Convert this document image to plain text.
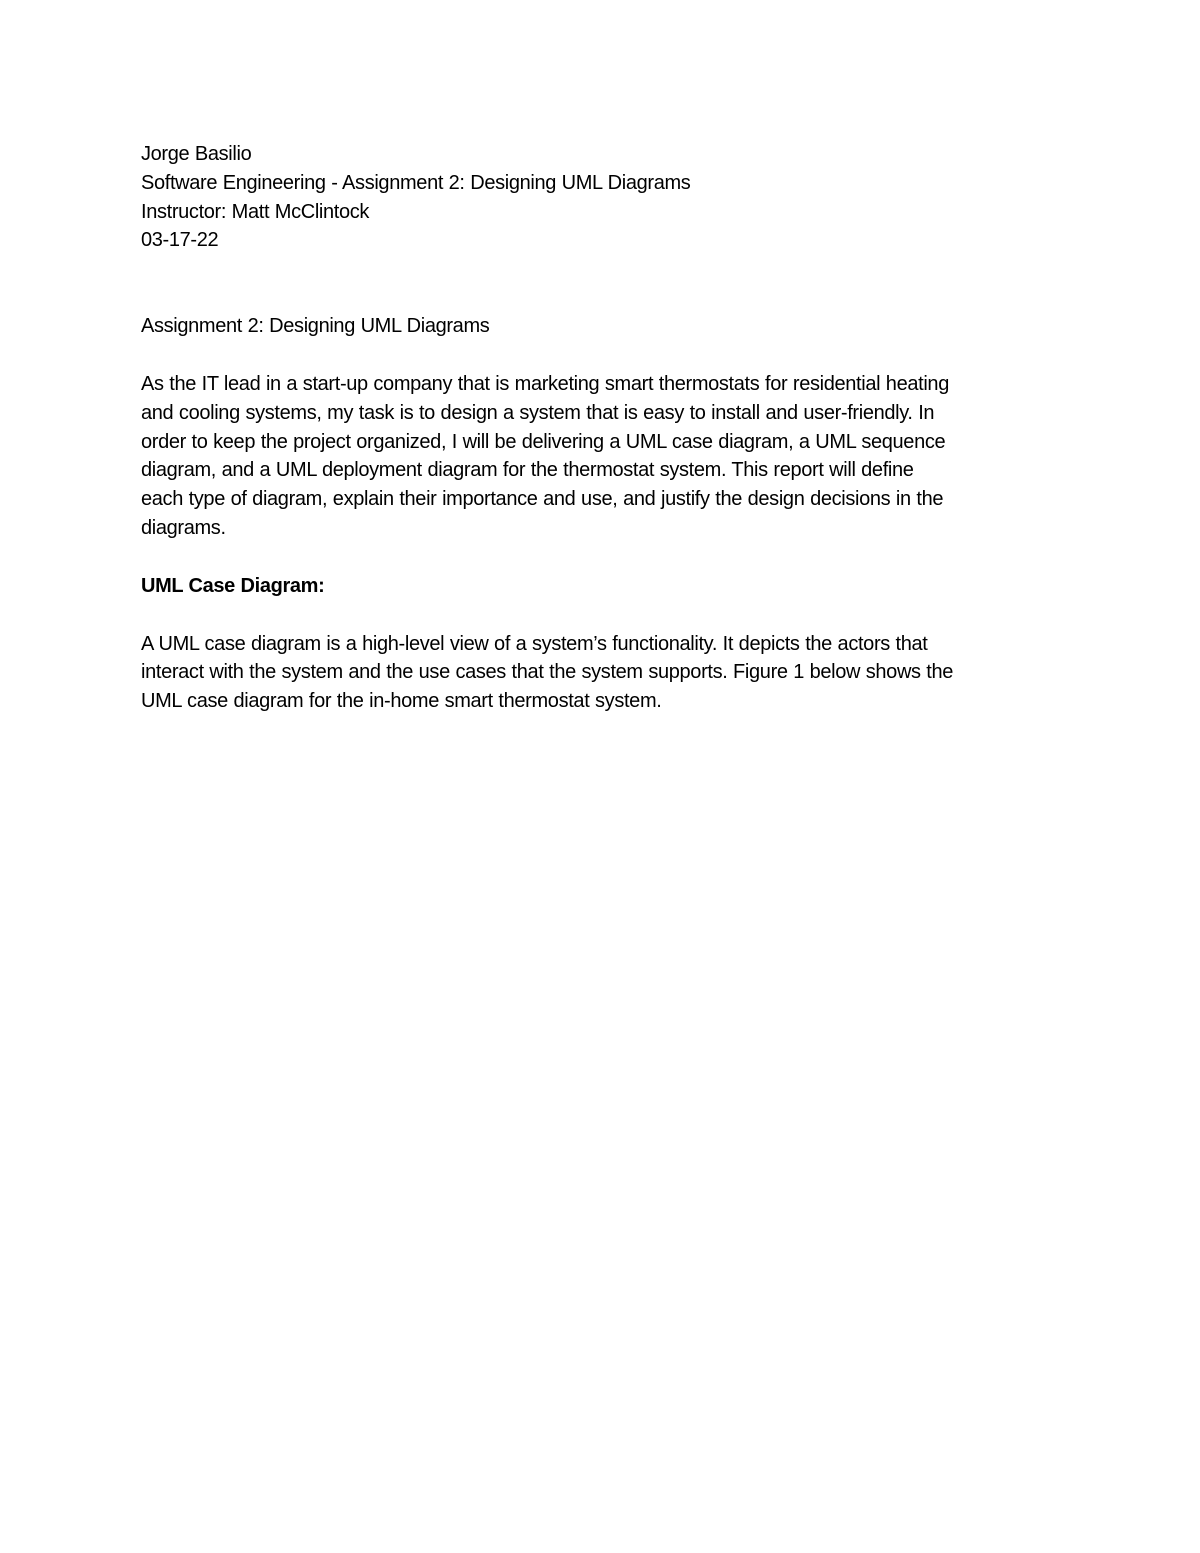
Jorge Basilio
Software Engineering - Assignment 2: Designing UML Diagrams
Instructor: Matt McClintock
03-17-22

Assignment 2: Designing UML Diagrams

As the IT lead in a start-up company that is marketing smart thermostats for residential heating
and cooling systems, my task is to design a system that is easy to install and user-friendly. In
order to keep the project organized, I will be delivering a UML case diagram, a UML sequence
diagram, and a UML deployment diagram for the thermostat system. This report will define
each type of diagram, explain their importance and use, and justify the design decisions in the
diagrams.

UML Case Diagram:

A UML case diagram is a high-level view of a system’s functionality. It depicts the actors that
interact with the system and the use cases that the system supports. Figure 1 below shows the
UML case diagram for the in-home smart thermostat system.
